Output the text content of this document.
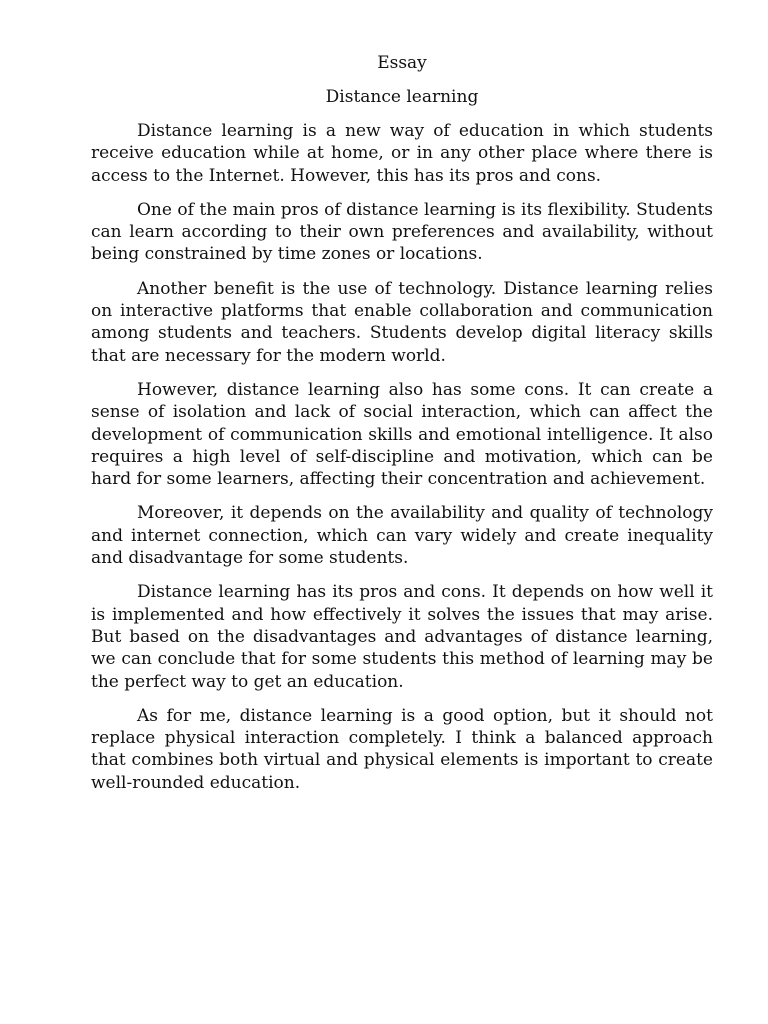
Essay

Distance learning

Distance learning is a new way of education in which students receive education while at home, or in any other place where there is access to the Internet. However, this has its pros and cons.

One of the main pros of distance learning is its flexibility. Students can learn according to their own preferences and availability, without being constrained by time zones or locations.

Another benefit is the use of technology. Distance learning relies on interactive platforms that enable collaboration and communication among students and teachers. Students develop digital literacy skills that are necessary for the modern world.

However, distance learning also has some cons. It can create a sense of isolation and lack of social interaction, which can affect the development of communication skills and emotional intelligence. It also requires a high level of self-discipline and motivation, which can be hard for some learners, affecting their concentration and achievement.

Moreover, it depends on the availability and quality of technology and internet connection, which can vary widely and create inequality and disadvantage for some students.

Distance learning has its pros and cons. It depends on how well it is implemented and how effectively it solves the issues that may arise. But based on the disadvantages and advantages of distance learning, we can conclude that for some students this method of learning may be the perfect way to get an education.

As for me, distance learning is a good option, but it should not replace physical interaction completely. I think a balanced approach that combines both virtual and physical elements is important to create well-rounded education.
